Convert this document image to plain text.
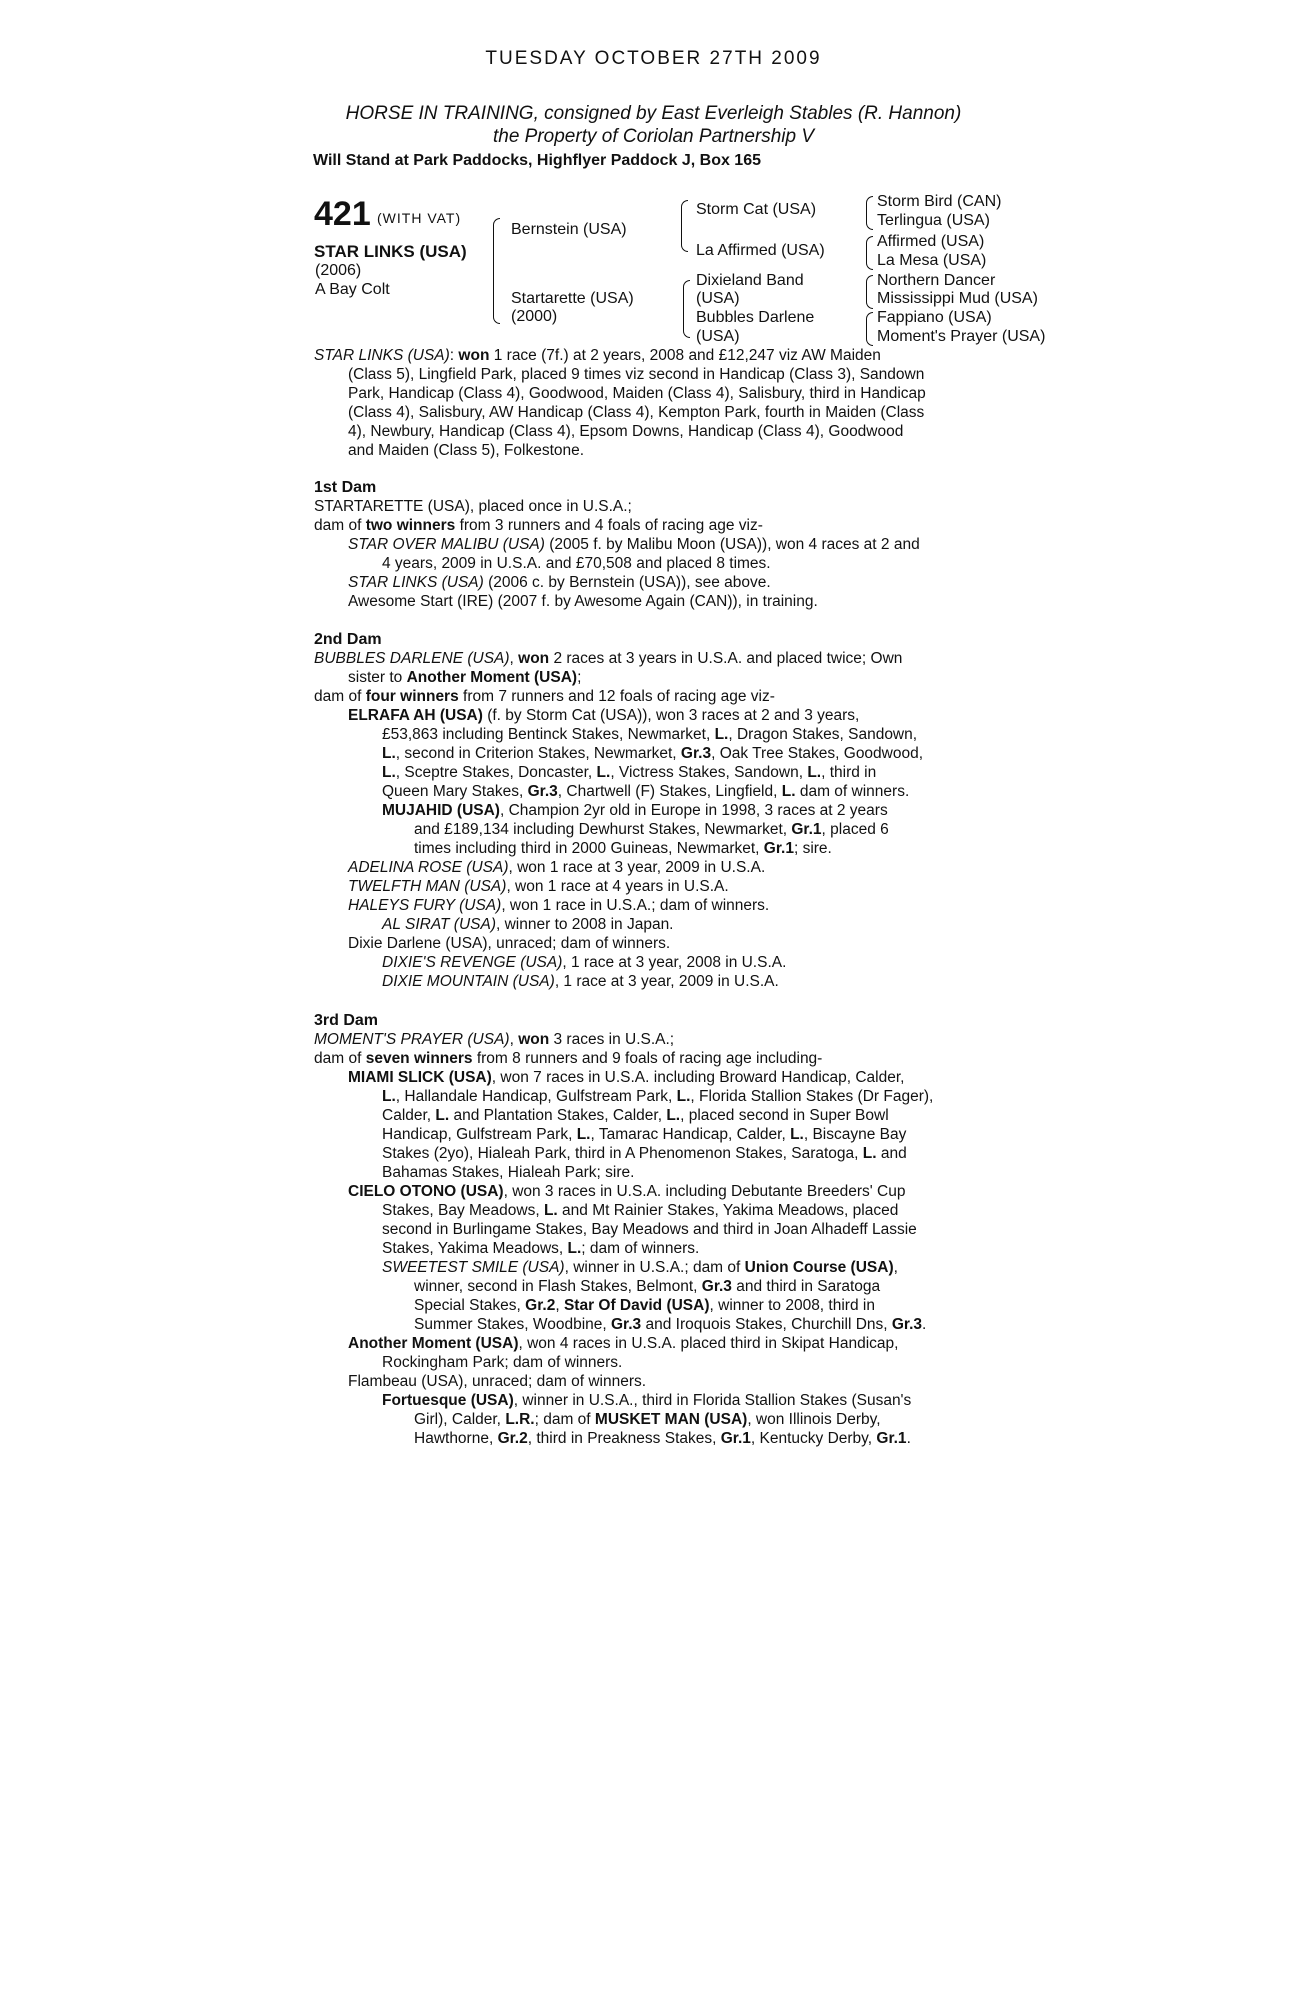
TUESDAY OCTOBER 27TH 2009
HORSE IN TRAINING, consigned by East Everleigh Stables (R. Hannon)
the Property of Coriolan Partnership V
Will Stand at Park Paddocks, Highflyer Paddock J, Box 165
421 (WITH VAT)
STAR LINKS (USA)
(2006)
A Bay Colt
Bernstein (USA)
Startarette (USA)
(2000)
Storm Cat (USA)
La Affirmed (USA)
Dixieland Band
(USA)
Bubbles Darlene
(USA)
Storm Bird (CAN)
Terlingua (USA)
Affirmed (USA)
La Mesa (USA)
Northern Dancer
Mississippi Mud (USA)
Fappiano (USA)
Moment's Prayer (USA)
STAR LINKS (USA): won 1 race (7f.) at 2 years, 2008 and £12,247 viz AW Maiden
(Class 5), Lingfield Park, placed 9 times viz second in Handicap (Class 3), Sandown
Park, Handicap (Class 4), Goodwood, Maiden (Class 4), Salisbury, third in Handicap
(Class 4), Salisbury, AW Handicap (Class 4), Kempton Park, fourth in Maiden (Class
4), Newbury, Handicap (Class 4), Epsom Downs, Handicap (Class 4), Goodwood
and Maiden (Class 5), Folkestone.
1st Dam
STARTARETTE (USA), placed once in U.S.A.;
dam of two winners from 3 runners and 4 foals of racing age viz-
STAR OVER MALIBU (USA) (2005 f. by Malibu Moon (USA)), won 4 races at 2 and
4 years, 2009 in U.S.A. and £70,508 and placed 8 times.
STAR LINKS (USA) (2006 c. by Bernstein (USA)), see above.
Awesome Start (IRE) (2007 f. by Awesome Again (CAN)), in training.
2nd Dam
BUBBLES DARLENE (USA), won 2 races at 3 years in U.S.A. and placed twice; Own
sister to Another Moment (USA);
dam of four winners from 7 runners and 12 foals of racing age viz-
ELRAFA AH (USA) (f. by Storm Cat (USA)), won 3 races at 2 and 3 years,
£53,863 including Bentinck Stakes, Newmarket, L., Dragon Stakes, Sandown,
L., second in Criterion Stakes, Newmarket, Gr.3, Oak Tree Stakes, Goodwood,
L., Sceptre Stakes, Doncaster, L., Victress Stakes, Sandown, L., third in
Queen Mary Stakes, Gr.3, Chartwell (F) Stakes, Lingfield, L. dam of winners.
MUJAHID (USA), Champion 2yr old in Europe in 1998, 3 races at 2 years
and £189,134 including Dewhurst Stakes, Newmarket, Gr.1, placed 6
times including third in 2000 Guineas, Newmarket, Gr.1; sire.
ADELINA ROSE (USA), won 1 race at 3 year, 2009 in U.S.A.
TWELFTH MAN (USA), won 1 race at 4 years in U.S.A.
HALEYS FURY (USA), won 1 race in U.S.A.; dam of winners.
AL SIRAT (USA), winner to 2008 in Japan.
Dixie Darlene (USA), unraced; dam of winners.
DIXIE'S REVENGE (USA), 1 race at 3 year, 2008 in U.S.A.
DIXIE MOUNTAIN (USA), 1 race at 3 year, 2009 in U.S.A.
3rd Dam
MOMENT'S PRAYER (USA), won 3 races in U.S.A.;
dam of seven winners from 8 runners and 9 foals of racing age including-
MIAMI SLICK (USA), won 7 races in U.S.A. including Broward Handicap, Calder,
L., Hallandale Handicap, Gulfstream Park, L., Florida Stallion Stakes (Dr Fager),
Calder, L. and Plantation Stakes, Calder, L., placed second in Super Bowl
Handicap, Gulfstream Park, L., Tamarac Handicap, Calder, L., Biscayne Bay
Stakes (2yo), Hialeah Park, third in A Phenomenon Stakes, Saratoga, L. and
Bahamas Stakes, Hialeah Park; sire.
CIELO OTONO (USA), won 3 races in U.S.A. including Debutante Breeders' Cup
Stakes, Bay Meadows, L. and Mt Rainier Stakes, Yakima Meadows, placed
second in Burlingame Stakes, Bay Meadows and third in Joan Alhadeff Lassie
Stakes, Yakima Meadows, L.; dam of winners.
SWEETEST SMILE (USA), winner in U.S.A.; dam of Union Course (USA),
winner, second in Flash Stakes, Belmont, Gr.3 and third in Saratoga
Special Stakes, Gr.2, Star Of David (USA), winner to 2008, third in
Summer Stakes, Woodbine, Gr.3 and Iroquois Stakes, Churchill Dns, Gr.3.
Another Moment (USA), won 4 races in U.S.A. placed third in Skipat Handicap,
Rockingham Park; dam of winners.
Flambeau (USA), unraced; dam of winners.
Fortuesque (USA), winner in U.S.A., third in Florida Stallion Stakes (Susan's
Girl), Calder, L.R.; dam of MUSKET MAN (USA), won Illinois Derby,
Hawthorne, Gr.2, third in Preakness Stakes, Gr.1, Kentucky Derby, Gr.1.
